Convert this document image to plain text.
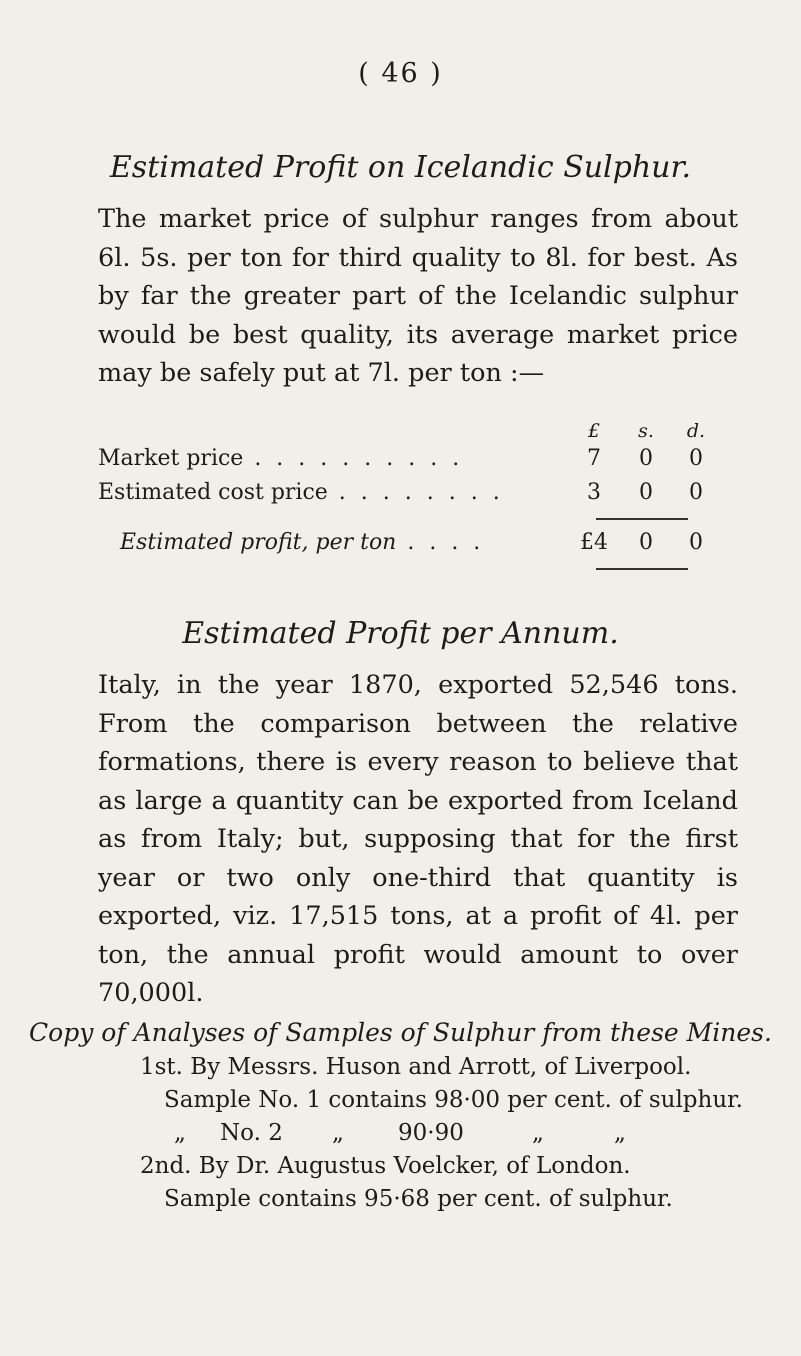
( 46 )
Estimated Profit on Icelandic Sulphur.
The market price of sulphur ranges from about 6l. 5s. per ton for third quality to 8l. for best. As by far the greater part of the Icelandic sulphur would be best quality, its average market price may be safely put at 7l. per ton :—
£	s.	d.
Market price . . . . . . . . . .	7	0	0
Estimated cost price . . . . . . . .	3	0	0
Estimated profit, per ton . . . .	£4	0	0
Estimated Profit per Annum.
Italy, in the year 1870, exported 52,546 tons. From the comparison between the relative formations, there is every reason to believe that as large a quantity can be exported from Iceland as from Italy; but, supposing that for the first year or two only one-third that quantity is exported, viz. 17,515 tons, at a profit of 4l. per ton, the annual profit would amount to over 70,000l.
Copy of Analyses of Samples of Sulphur from these Mines.
1st. By Messrs. Huson and Arrott, of Liverpool.
Sample No. 1 contains 98·00 per cent. of sulphur.
„ No. 2 „ 90·90	„	„
2nd. By Dr. Augustus Voelcker, of London.
Sample contains 95·68 per cent. of sulphur.
